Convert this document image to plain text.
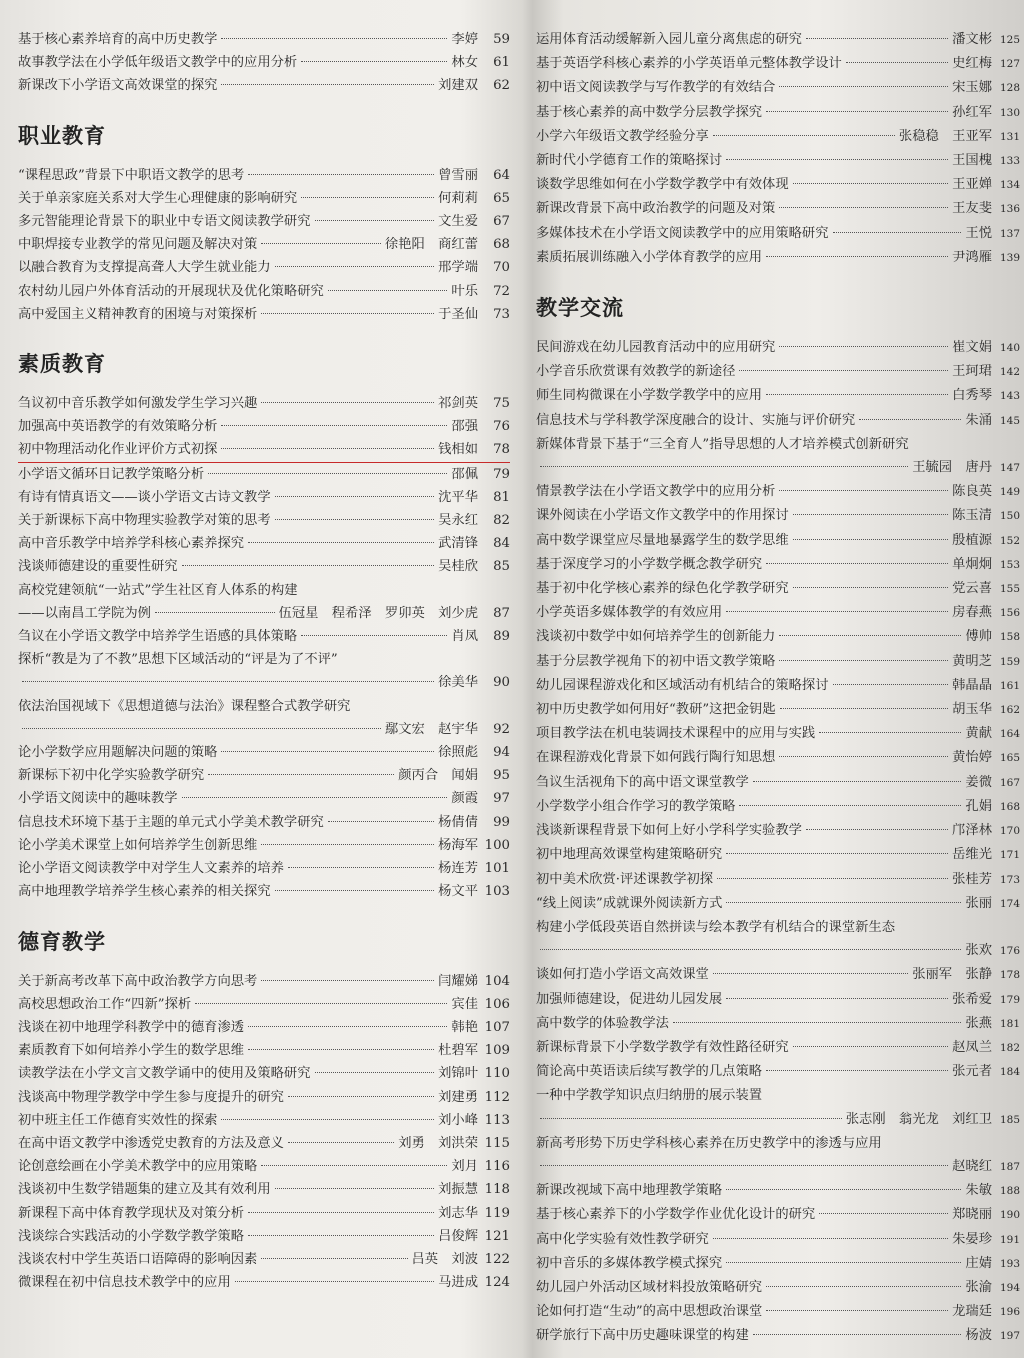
基于核心素养培育的高中历史教学	李婷	59
故事教学法在小学低年级语文教学中的应用分析	林女	61
新课改下小学语文高效课堂的探究	刘建双	62
职业教育
“课程思政”背景下中职语文教学的思考	曾雪丽	64
关于单亲家庭关系对大学生心理健康的影响研究	何莉莉	65
多元智能理论背景下的职业中专语文阅读教学研究	文生爱	67
中职焊接专业教学的常见问题及解决对策	徐艳阳　商红蕾	68
以融合教育为支撑提高聋人大学生就业能力	邢学端	70
农村幼儿园户外体育活动的开展现状及优化策略研究	叶乐	72
高中爱国主义精神教育的困境与对策探析	于圣仙	73
素质教育
刍议初中音乐教学如何激发学生学习兴趣	祁剑英	75
加强高中英语教学的有效策略分析	邵强	76
初中物理活动化作业评价方式初探	钱相如	78
小学语文循环日记教学策略分析	邵佩	79
有诗有情真语文——谈小学语文古诗文教学	沈平华	81
关于新课标下高中物理实验教学对策的思考	吴永红	82
高中音乐教学中培养学科核心素养探究	武清锋	84
浅谈师德建设的重要性研究	吴桂欣	85
高校党建领航“一站式”学生社区育人体系的构建
——以南昌工学院为例	伍冠星　程希泽　罗卯英　刘少虎	87
刍议在小学语文教学中培养学生语感的具体策略	肖凤	89
探析“教是为了不教”思想下区域活动的“评是为了不评”
徐美华	90
依法治国视域下《思想道德与法治》课程整合式教学研究
鄢文宏　赵宇华	92
论小学数学应用题解决问题的策略	徐照彪	94
新课标下初中化学实验教学研究	颜丙合　闻娟	95
小学语文阅读中的趣味教学	颜霞	97
信息技术环境下基于主题的单元式小学美术教学研究	杨倩倩	99
论小学美术课堂上如何培养学生创新思维	杨海军 100
论小学语文阅读教学中对学生人文素养的培养	杨连芳 101
高中地理教学培养学生核心素养的相关探究	杨文平 103
德育教学
关于新高考改革下高中政治教学方向思考	闫耀娣 104
高校思想政治工作“四新”探析	宾佳 106
浅谈在初中地理学科教学中的德育渗透	韩艳 107
素质教育下如何培养小学生的数学思维	杜碧军 109
读教学法在小学文言文教学诵中的使用及策略研究	刘锦叶 110
浅谈高中物理学教学中学生参与度提升的研究	刘建勇 112
初中班主任工作德育实效性的探索	刘小峰 113
在高中语文教学中渗透党史教育的方法及意义	刘勇　刘洪荣 115
论创意绘画在小学美术教学中的应用策略	刘月 116
浅谈初中生数学错题集的建立及其有效利用	刘振慧 118
新课程下高中体育教学现状及对策分析	刘志华 119
浅谈综合实践活动的小学数学教学策略	吕俊辉 121
浅谈农村中学生英语口语障碍的影响因素	吕英　刘波 122
微课程在初中信息技术教学中的应用	马进成 124
运用体育活动缓解新入园儿童分离焦虑的研究	潘文彬 125
基于英语学科核心素养的小学英语单元整体教学设计	史红梅 127
初中语文阅读教学与写作教学的有效结合	宋玉娜 128
基于核心素养的高中数学分层教学探究	孙红军 130
小学六年级语文教学经验分享	张稳稳　王亚军 131
新时代小学德育工作的策略探讨	王国槐 133
谈数学思维如何在小学数学教学中有效体现	王亚婵 134
新课改背景下高中政治教学的问题及对策	王友斐 136
多媒体技术在小学语文阅读教学中的应用策略研究	王悦 137
素质拓展训练融入小学体育教学的应用	尹鸿雁 139
教学交流
民间游戏在幼儿园教育活动中的应用研究	崔文娟 140
小学音乐欣赏课有效教学的新途径	王珂珺 142
师生同构微课在小学数学教学中的应用	白秀琴 143
信息技术与学科教学深度融合的设计、实施与评价研究	朱涌 145
新媒体背景下基于“三全育人”指导思想的人才培养模式创新研究
王毓园　唐丹 147
情景教学法在小学语文教学中的应用分析	陈良英 149
课外阅读在小学语文作文教学中的作用探讨	陈玉清 150
高中数学课堂应尽量地暴露学生的数学思维	殷植源 152
基于深度学习的小学数学概念教学研究	单炯炯 153
基于初中化学核心素养的绿色化学教学研究	党云喜 155
小学英语多媒体教学的有效应用	房春燕 156
浅谈初中数学中如何培养学生的创新能力	傅帅 158
基于分层教学视角下的初中语文教学策略	黄明芝 159
幼儿园课程游戏化和区域活动有机结合的策略探讨	韩晶晶 161
初中历史教学如何用好“教研”这把金钥匙	胡玉华 162
项目教学法在机电装调技术课程中的应用与实践	黄献 164
在课程游戏化背景下如何践行陶行知思想	黄怡婷 165
刍议生活视角下的高中语文课堂教学	姜微 167
小学数学小组合作学习的教学策略	孔娟 168
浅谈新课程背景下如何上好小学科学实验教学	邝泽林 170
初中地理高效课堂构建策略研究	岳维光 171
初中美术欣赏·评述课教学初探	张桂芳 173
“线上阅读”成就课外阅读新方式	张丽 174
构建小学低段英语自然拼读与绘本教学有机结合的课堂新生态
张欢 176
谈如何打造小学语文高效课堂	张丽军　张静 178
加强师德建设，促进幼儿园发展	张希爱 179
高中数学的体验教学法	张燕 181
新课标背景下小学数学教学有效性路径研究	赵凤兰 182
简论高中英语读后续写教学的几点策略	张元者 184
一种中学教学知识点归纳册的展示装置
张志刚　翁光龙　刘红卫 185
新高考形势下历史学科核心素养在历史教学中的渗透与应用
赵晓红 187
新课改视域下高中地理教学策略	朱敏 188
基于核心素养下的小学数学作业优化设计的研究	郑晓丽 190
高中化学实验有效性教学研究	朱晏珍 191
初中音乐的多媒体教学模式探究	庄婧 193
幼儿园户外活动区域材料投放策略研究	张渝 194
论如何打造“生动”的高中思想政治课堂	龙瑞廷 196
研学旅行下高中历史趣味课堂的构建	杨波 197
